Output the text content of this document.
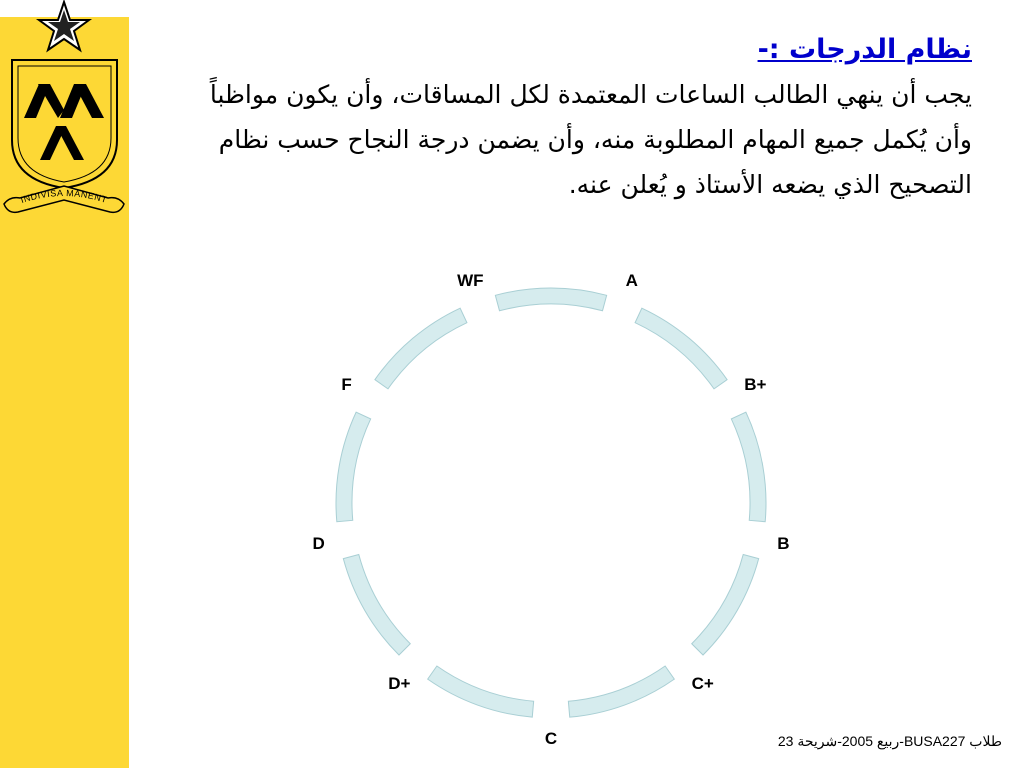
INDIVISA MANENT

نظام الدرجات :-

يجب أن ينهي الطالب الساعات المعتمدة لكل المساقات، وأن يكون مواظباً وأن يُكمل جميع المهام المطلوبة منه، وأن يضمن درجة النجاح حسب نظام التصحيح الذي يضعه الأستاذ و يُعلن عنه.

A
B+
B
C+
C
D+
D
F
WF
طلاب BUSA227-ربيع 2005-شريحة 23
